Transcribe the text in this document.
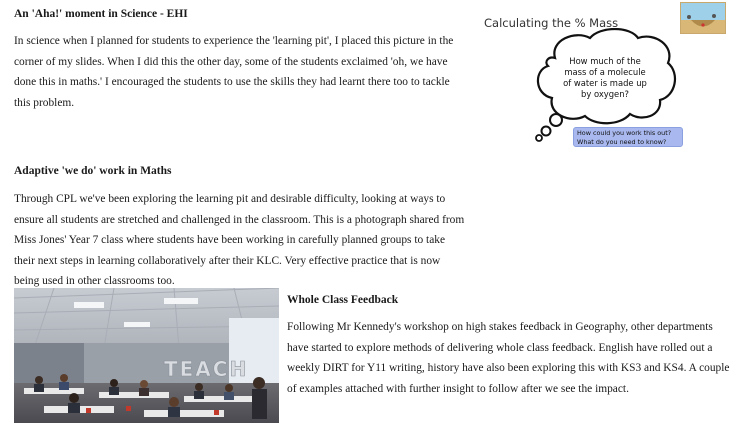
An 'Aha!' moment in Science - EHI

In science when I planned for students to experience the 'learning pit', I placed this picture in the corner of my slides. When I did this the other day, some of the students exclaimed 'oh, we have done this in maths.' I encouraged the students to use the skills they had learnt there too to tackle this problem.

Adaptive 'we do' work in Maths

Through CPL we've been exploring the learning pit and desirable difficulty, looking at ways to ensure all students are stretched and challenged in the classroom. This is a photograph shared from Miss Jones' Year 7 class where students have been working in carefully planned groups to take their next steps in learning collaboratively after their KLC. Very effective practice that is now being used in other classrooms too.

Whole Class Feedback

Following Mr Kennedy's workshop on high stakes feedback in Geography, other departments have started to explore methods of delivering whole class feedback. English have rolled out a weekly DIRT for Y11 writing, history have also been exploring this with KS3 and KS4. A couple of examples attached with further insight to follow after we see the impact.

Calculating the % Mass
How much of the mass of a molecule of water is made up by oxygen?
How could you work this out?
What do you need to know?
TEACH
